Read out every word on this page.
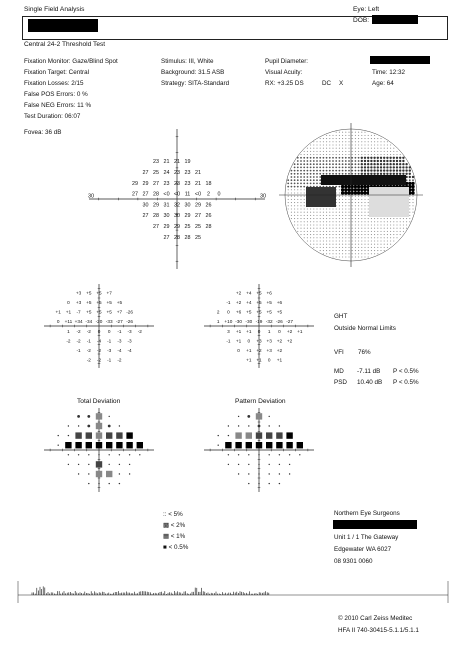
Single Field Analysis	Eye: Left
DOB:
Central 24-2 Threshold Test
Fixation Monitor: Gaze/Blind Spot
Fixation Target: Central
Fixation Losses: 2/15
False POS Errors: 0 %
False NEG Errors: 11 %
Test Duration: 06:07
Stimulus: III, White
Background: 31.5 ASB
Strategy: SITA-Standard
Pupil Diameter:
Visual Acuity:
RX: +3.25 DS	DC X
Time: 12:32
Age: 64
Fovea: 36 dB
30	30
23 21 21 19
27 25 24 23 23 21
29 29 27 23 23 23 21 18
27 27 28 <0 <0 11 <0 2 0
30 29 31 32 30 29 26
27 28 30 30 29 27 26
27 29 29 25 25 28
27 28 28 25
+3 +5 +5 +7
0 +3 +5 +5 +5 +5
+1 +1 -7 +5 +5 +5 +7 -26
0 +11 +34 -34 -20 -33 -27 -26
1 -2 -2 0 0 -1 -3 -2
-2 -2 -1 -4 -1 -3 -3
-1 -2 -2 -3 -4 -4
-2 -2 -1 -2
+2 +4 +5 +6
-1 +2 +4 +5 +5 +6
2 0 +6 +5 +5 +5 +5
1 +10 -30 -30 -19 -32 -26 -27
3 +1 +1 0 1 0 +2 +1
-1 +1 0 +3 +3 +2 +2
0 +1 +2 +3 +2
+1 +1 0 +1
GHT
Outside Normal Limits
VFI 76%
MD -7.11 dB P < 0.5%
PSD 10.40 dB P < 0.5%
Total Deviation	Pattern Deviation
:: < 5%
▩ < 2%
▦ < 1%
■ < 0.5%
Northern Eye Surgeons
Unit 1 / 1 The Gateway
Edgewater WA 6027
08 9301 0060
© 2010 Carl Zeiss Meditec
HFA II 740-30415-5.1.1/5.1.1
